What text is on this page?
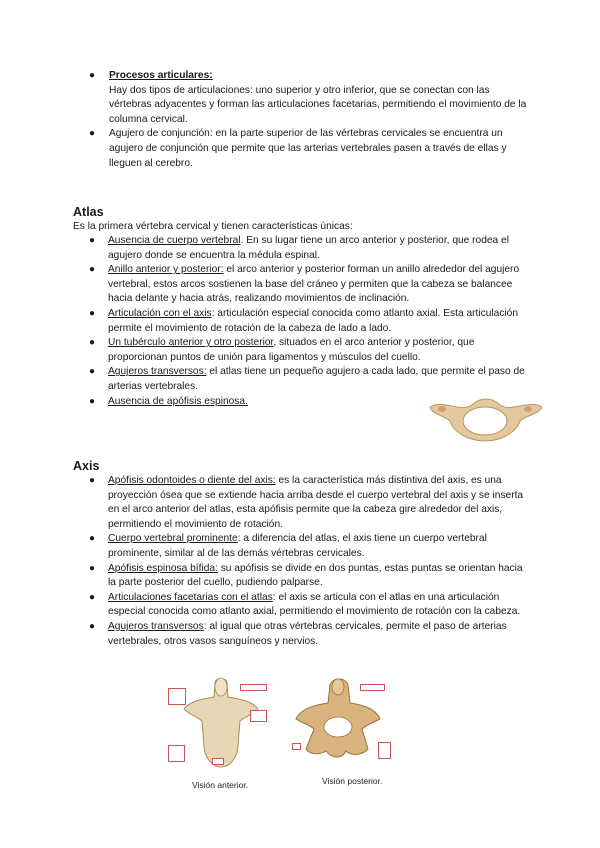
● Procesos articulares:
Hay dos tipos de articulaciones: uno superior y otro inferior, que se conectan con las vértebras adyacentes y forman las articulaciones facetarias, permitiendo el movimiento de la columna cervical.
● Agujero de conjunción: en la parte superior de las vértebras cervicales se encuentra un agujero de conjunción que permite que las arterias vertebrales pasen a través de ellas y lleguen al cerebro.
Atlas
Es la primera vértebra cervical y tienen características únicas:
● Ausencia de cuerpo vertebral. En su lugar tiene un arco anterior y posterior, que rodea el agujero donde se encuentra la médula espinal.
● Anillo anterior y posterior: el arco anterior y posterior forman un anillo alrededor del agujero vertebral, estos arcos sostienen la base del cráneo y permiten que la cabeza se balancee hacia delante y hacia atrás, realizando movimientos de inclinación.
● Articulación con el axis: articulación especial conocida como atlanto axial. Esta articulación permite el movimiento de rotación de la cabeza de lado a lado.
● Un tubérculo anterior y otro posterior, situados en el arco anterior y posterior, que proporcionan puntos de unión para ligamentos y músculos del cuello.
● Agujeros transversos: el atlas tiene un pequeño agujero a cada lado, que permite el paso de arterias vertebrales.
● Ausencia de apófisis espinosa.
Axis
● Apófisis odontoides o diente del axis: es la característica más distintiva del axis, es una proyección ósea que se extiende hacia arriba desde el cuerpo vertebral del axis y se inserta en el arco anterior del atlas, esta apófisis permite que la cabeza gire alrededor del axis, permitiendo el movimiento de rotación.
● Cuerpo vertebral prominente: a diferencia del atlas, el axis tiene un cuerpo vertebral prominente, similar al de las demás vértebras cervicales.
● Apófisis espinosa bífida: su apófisis se divide en dos puntas, estas puntas se orientan hacia la parte posterior del cuello, pudiendo palparse.
● Articulaciones facetarias con el atlas: el axis se articula con el atlas en una articulación especial conocida como atlanto axial, permitiendo el movimiento de rotación con la cabeza.
● Agujeros transversos: al igual que otras vértebras cervicales, permite el paso de arterias vertebrales, otros vasos sanguíneos y nervios.

Visión anterior.

	Visión posterior.
